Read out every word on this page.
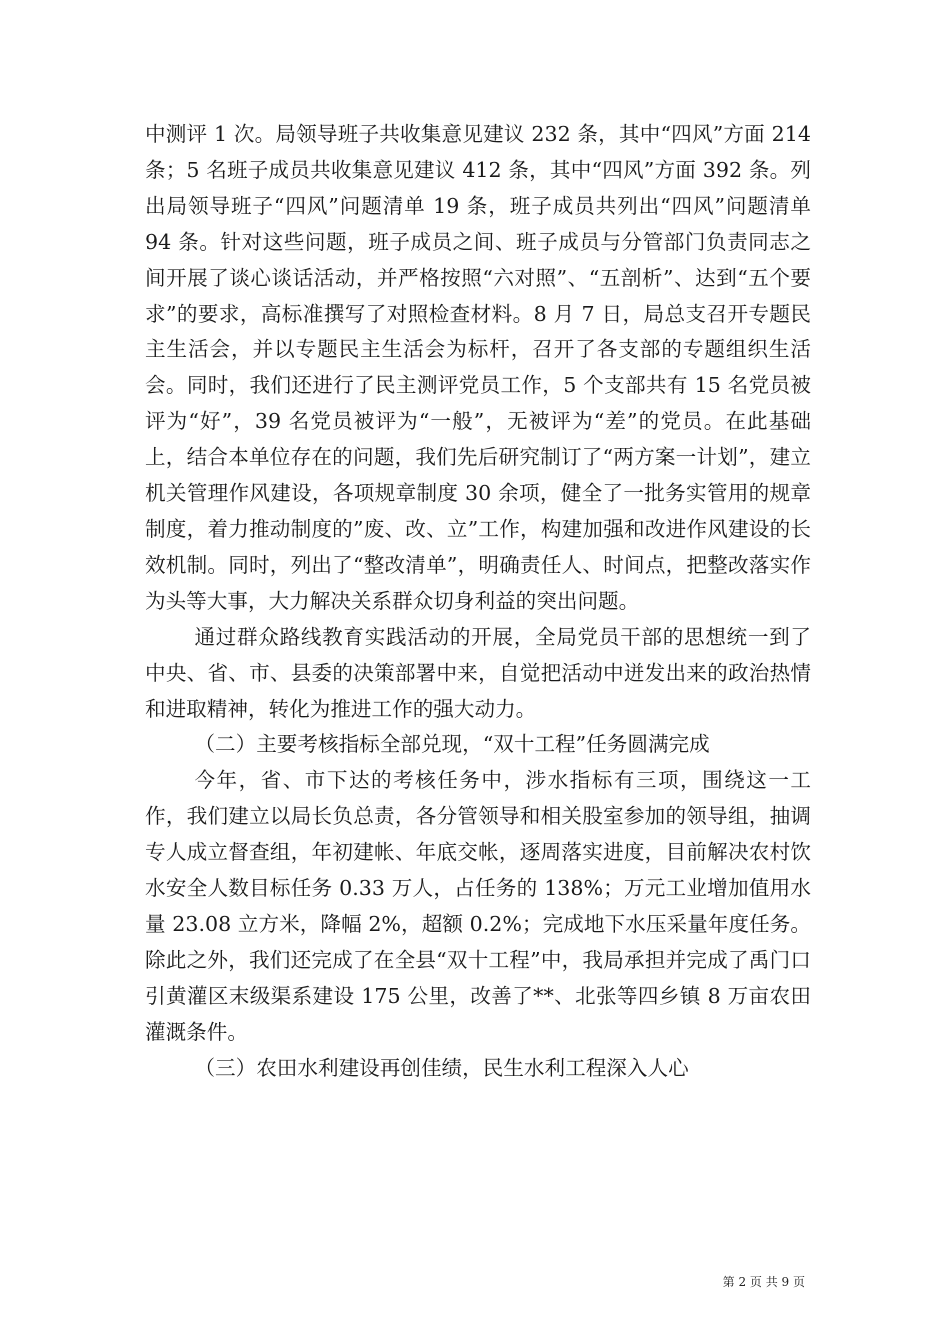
中测评 1 次。局领导班子共收集意见建议 232 条，其中“四风”方面 214 条；5 名班子成员共收集意见建议 412 条，其中“四风”方面 392 条。列出局领导班子“四风”问题清单 19 条，班子成员共列出“四风”问题清单 94 条。针对这些问题，班子成员之间、班子成员与分管部门负责同志之间开展了谈心谈话活动，并严格按照“六对照”、“五剖析”、达到“五个要求”的要求，高标准撰写了对照检查材料。8 月 7 日，局总支召开专题民主生活会，并以专题民主生活会为标杆，召开了各支部的专题组织生活会。同时，我们还进行了民主测评党员工作，5 个支部共有 15 名党员被评为“好”，39 名党员被评为“一般”，无被评为“差”的党员。在此基础上，结合本单位存在的问题，我们先后研究制订了“两方案一计划”，建立机关管理作风建设，各项规章制度 30 余项，健全了一批务实管用的规章制度，着力推动制度的”废、改、立”工作，构建加强和改进作风建设的长效机制。同时，列出了“整改清单”，明确责任人、时间点，把整改落实作为头等大事，大力解决关系群众切身利益的突出问题。

通过群众路线教育实践活动的开展，全局党员干部的思想统一到了中央、省、市、县委的决策部署中来，自觉把活动中迸发出来的政治热情和进取精神，转化为推进工作的强大动力。

（二）主要考核指标全部兑现，“双十工程”任务圆满完成

今年，省、市下达的考核任务中，涉水指标有三项，围绕这一工作，我们建立以局长负总责，各分管领导和相关股室参加的领导组，抽调专人成立督查组，年初建帐、年底交帐，逐周落实进度，目前解决农村饮水安全人数目标任务 0.33 万人，占任务的 138%；万元工业增加值用水量 23.08 立方米，降幅 2%，超额 0.2%；完成地下水压采量年度任务。除此之外，我们还完成了在全县“双十工程”中，我局承担并完成了禹门口引黄灌区末级渠系建设 175 公里，改善了**、北张等四乡镇 8 万亩农田灌溉条件。

（三）农田水利建设再创佳绩，民生水利工程深入人心

第 2 页 共 9 页
